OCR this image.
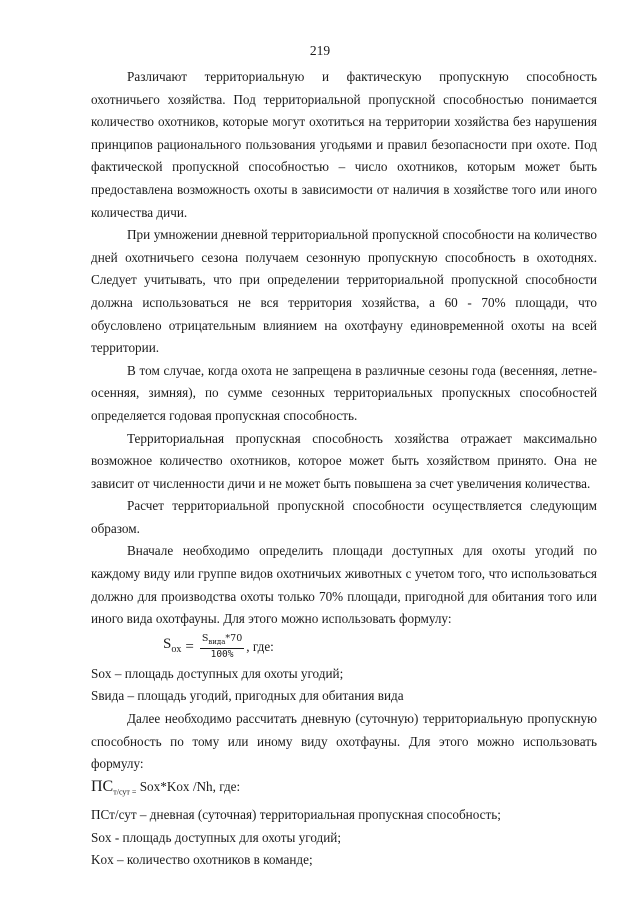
219

Различают территориальную и фактическую пропускную способность охотничьего хозяйства. Под территориальной пропускной способностью понимается количество охотников, которые могут охотиться на территории хозяйства без нарушения принципов рационального пользования угодьями и правил безопасности при охоте. Под фактической пропускной способностью – число охотников, которым может быть предоставлена возможность охоты в зависимости от наличия в хозяйстве того или иного количества дичи.

При умножении дневной территориальной пропускной способности на количество дней охотничьего сезона получаем сезонную пропускную способность в охотоднях. Следует учитывать, что при определении территориальной пропускной способности должна использоваться не вся территория хозяйства, а 60 - 70% площади, что обусловлено отрицательным влиянием на охотфауну единовременной охоты на всей территории.

В том случае, когда охота не запрещена в различные сезоны года (весенняя, летне-осенняя, зимняя), по сумме сезонных территориальных пропускных способностей определяется годовая пропускная способность.

Территориальная пропускная способность хозяйства отражает максимально возможное количество охотников, которое может быть хозяйством принято. Она не зависит от численности дичи и не может быть повышена за счет увеличения количества.

Расчет территориальной пропускной способности осуществляется следующим образом.

Вначале необходимо определить площади доступных для охоты угодий по каждому виду или группе видов охотничьих животных с учетом того, что использоваться должно для производства охоты только 70% площади, пригодной для обитания того или иного вида охотфауны. Для этого можно использовать формулу:

$S_{ox} = \frac{S_{вида}*70}{100\%}$ , где:

Sox – площадь доступных для охоты угодий;

Sвида – площадь угодий, пригодных для обитания вида

Далее необходимо рассчитать дневную (суточную) территориальную пропускную способность по тому или иному виду охотфауны. Для этого можно использовать формулу:

$ПС_{т/сут =}$ Sox*Kox /Nh, где:

ПСт/сут – дневная (суточная) территориальная пропускная способность;

Sox - площадь доступных для охоты угодий;

Kox – количество охотников в команде;
